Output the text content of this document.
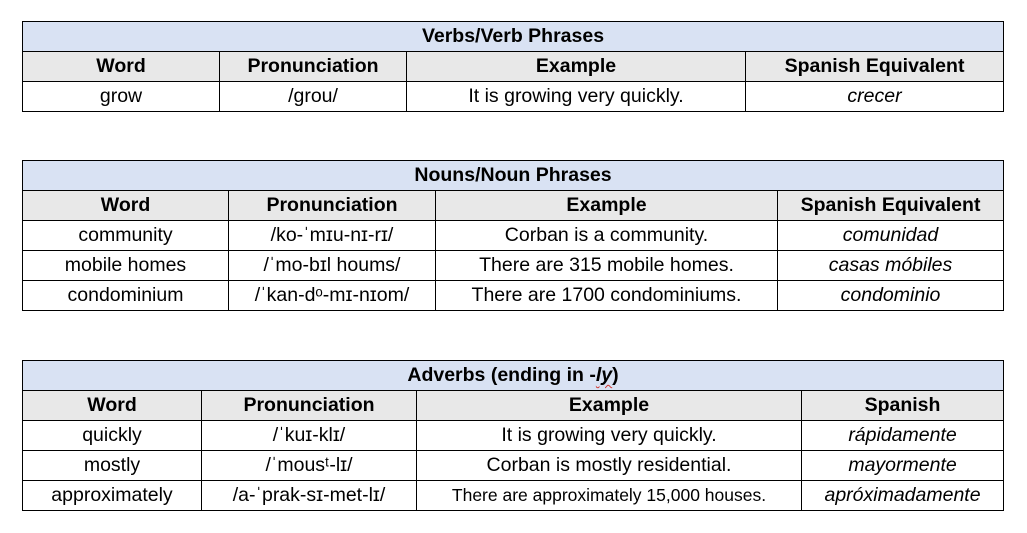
Verbs/Verb Phrases			
Word	Pronunciation	Example	Spanish Equivalent
grow	/grou/	It is growing very quickly.	crecer
Nouns/Noun Phrases			
Word	Pronunciation	Example	Spanish Equivalent
community	/ko-ˈmɪu-nɪ-rɪ/	Corban is a community.	comunidad
mobile homes	/ˈmo-bɪl houms/	There are 315 mobile homes.	casas móbiles
condominium	/ˈkan-dᵒ-mɪ-nɪom/	There are 1700 condominiums.	condominio
Adverbs (ending in -ly)			
Word	Pronunciation	Example	Spanish
quickly	/ˈkuɪ-klɪ/	It is growing very quickly.	rápidamente
mostly	/ˈmousᵗ-lɪ/	Corban is mostly residential.	mayormente
approximately	/a-ˈprak-sɪ-met-lɪ/	There are approximately 15,000 houses.	apróximadamente
